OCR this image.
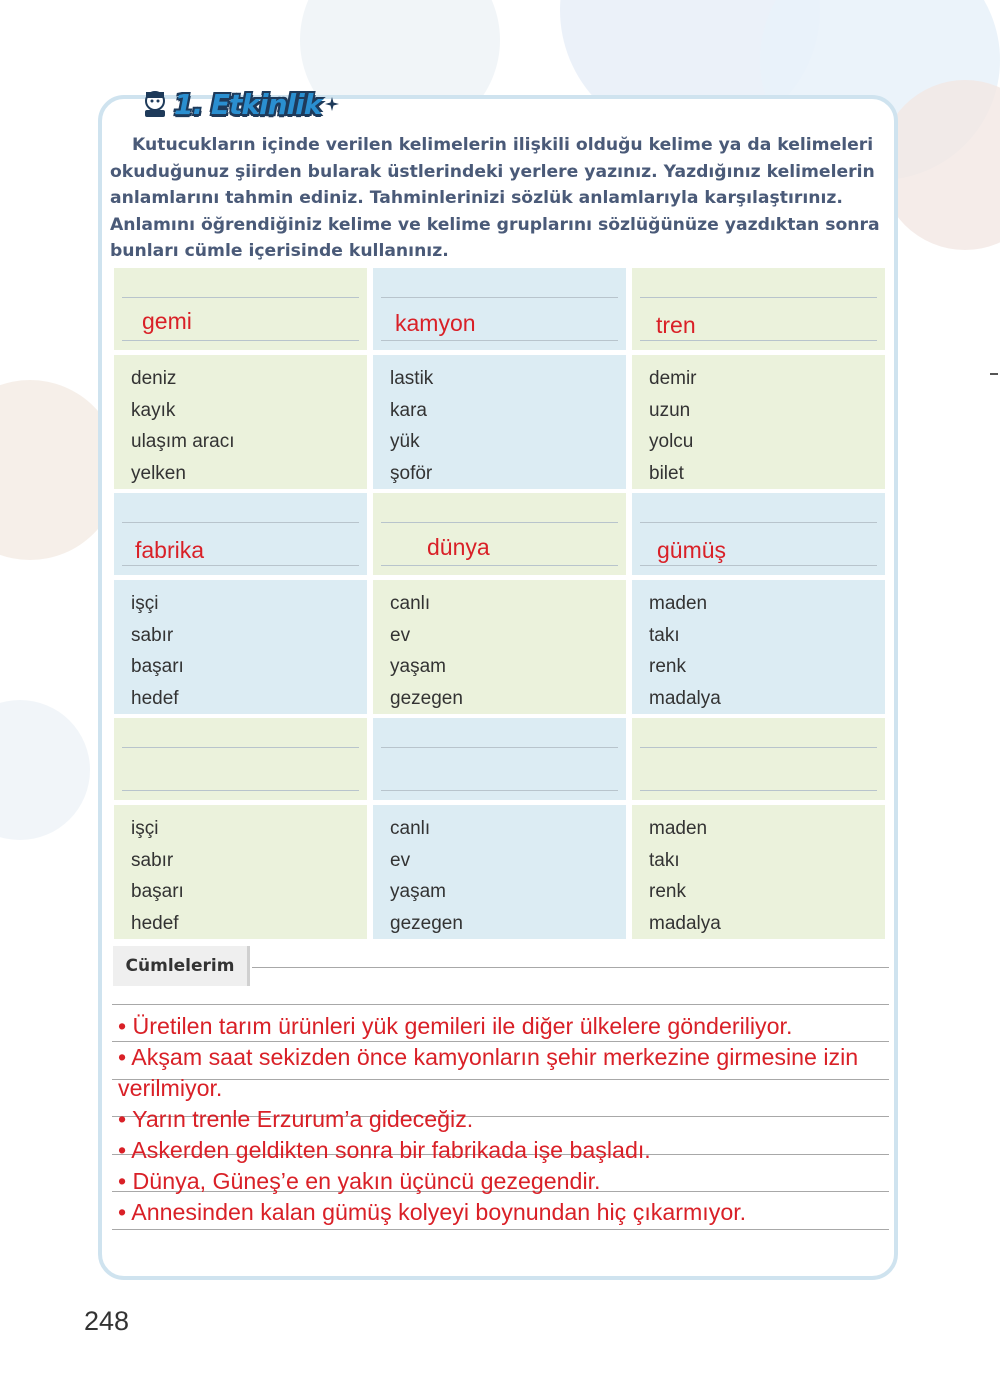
1. Etkinlik

Kutucukların içinde verilen kelimelerin ilişkili olduğu kelime ya da kelimeleri okuduğunuz şiirden bularak üstlerindeki yerlere yazınız. Yazdığınız kelimelerin anlamlarını tahmin ediniz. Tahminlerinizi sözlük anlamlarıyla karşılaştırınız. Anlamını öğrendiğiniz kelime ve kelime gruplarını sözlüğünüze yazdıktan sonra bunları cümle içerisinde kullanınız.

gemi
deniz
kayık
ulaşım aracı
yelken
kamyon
lastik
kara
yük
şoför
tren
demir
uzun
yolcu
bilet
fabrika
işçi
sabır
başarı
hedef
dünya
canlı
ev
yaşam
gezegen
gümüş
maden
takı
renk
madalya
işçi
sabır
başarı
hedef
canlı
ev
yaşam
gezegen
maden
takı
renk
madalya
Cümlelerim
• Üretilen tarım ürünleri yük gemileri ile diğer ülkelere gönderiliyor.
• Akşam saat sekizden önce kamyonların şehir merkezine girmesine izin verilmiyor.
• Yarın trenle Erzurum’a gideceğiz.
• Askerden geldikten sonra bir fabrikada işe başladı.
• Dünya, Güneş’e en yakın üçüncü gezegendir.
• Annesinden kalan gümüş kolyeyi boynundan hiç çıkarmıyor.
248
